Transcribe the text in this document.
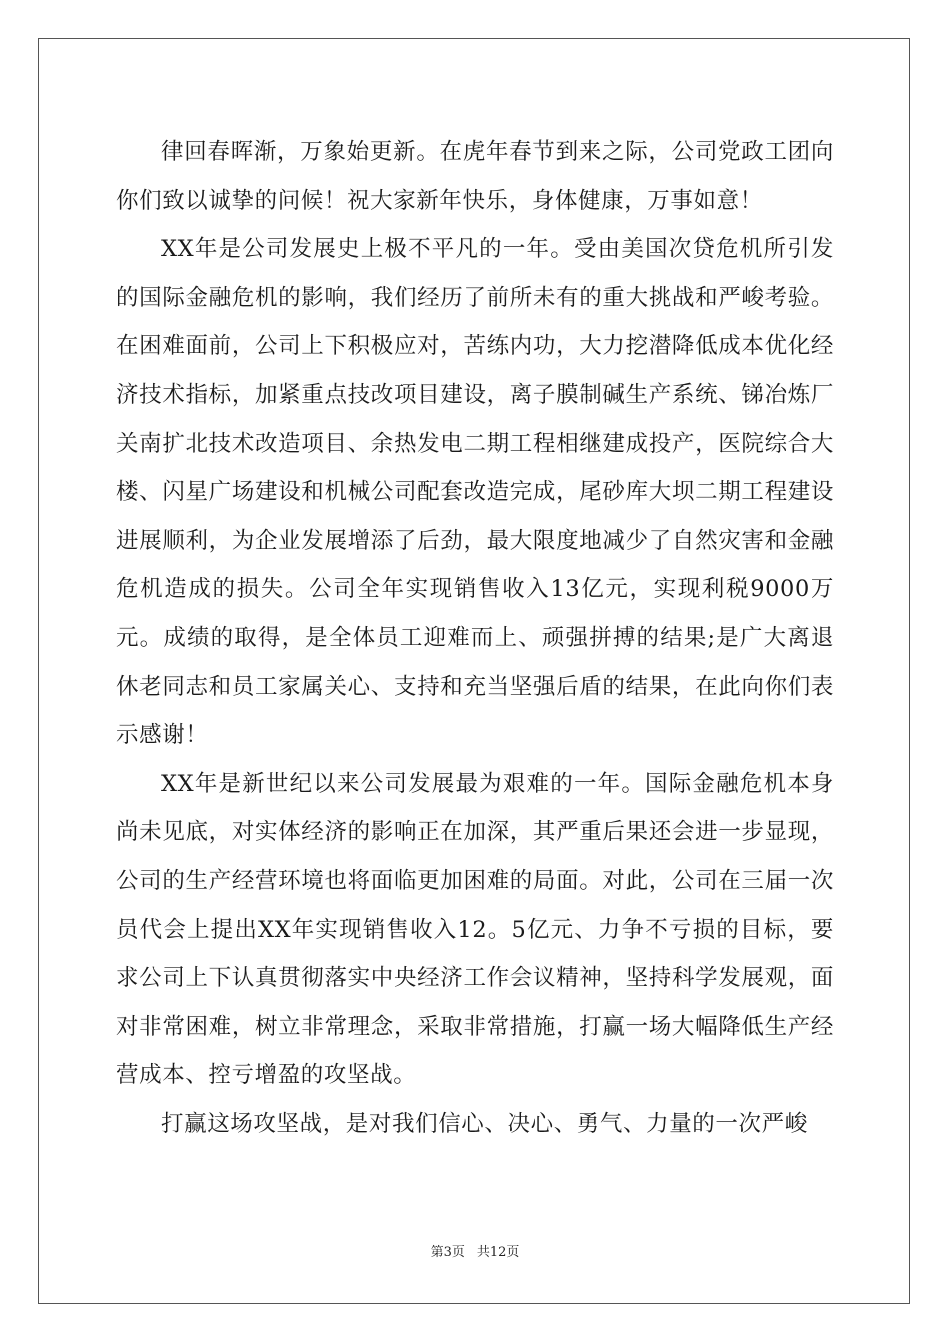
律回春晖渐，万象始更新。在虎年春节到来之际，公司党政工团向你们致以诚挚的问候！祝大家新年快乐，身体健康，万事如意！

XX年是公司发展史上极不平凡的一年。受由美国次贷危机所引发的国际金融危机的影响，我们经历了前所未有的重大挑战和严峻考验。在困难面前，公司上下积极应对，苦练内功，大力挖潜降低成本优化经济技术指标，加紧重点技改项目建设，离子膜制碱生产系统、锑冶炼厂关南扩北技术改造项目、余热发电二期工程相继建成投产，医院综合大楼、闪星广场建设和机械公司配套改造完成，尾砂库大坝二期工程建设进展顺利，为企业发展增添了后劲，最大限度地减少了自然灾害和金融危机造成的损失。公司全年实现销售收入13亿元，实现利税9000万元。成绩的取得，是全体员工迎难而上、顽强拼搏的结果;是广大离退休老同志和员工家属关心、支持和充当坚强后盾的结果，在此向你们表示感谢！

XX年是新世纪以来公司发展最为艰难的一年。国际金融危机本身尚未见底，对实体经济的影响正在加深，其严重后果还会进一步显现，公司的生产经营环境也将面临更加困难的局面。对此，公司在三届一次员代会上提出XX年实现销售收入12。5亿元、力争不亏损的目标，要求公司上下认真贯彻落实中央经济工作会议精神，坚持科学发展观，面对非常困难，树立非常理念，采取非常措施，打赢一场大幅降低生产经营成本、控亏增盈的攻坚战。

打赢这场攻坚战，是对我们信心、决心、勇气、力量的一次严峻

第3页 共12页
